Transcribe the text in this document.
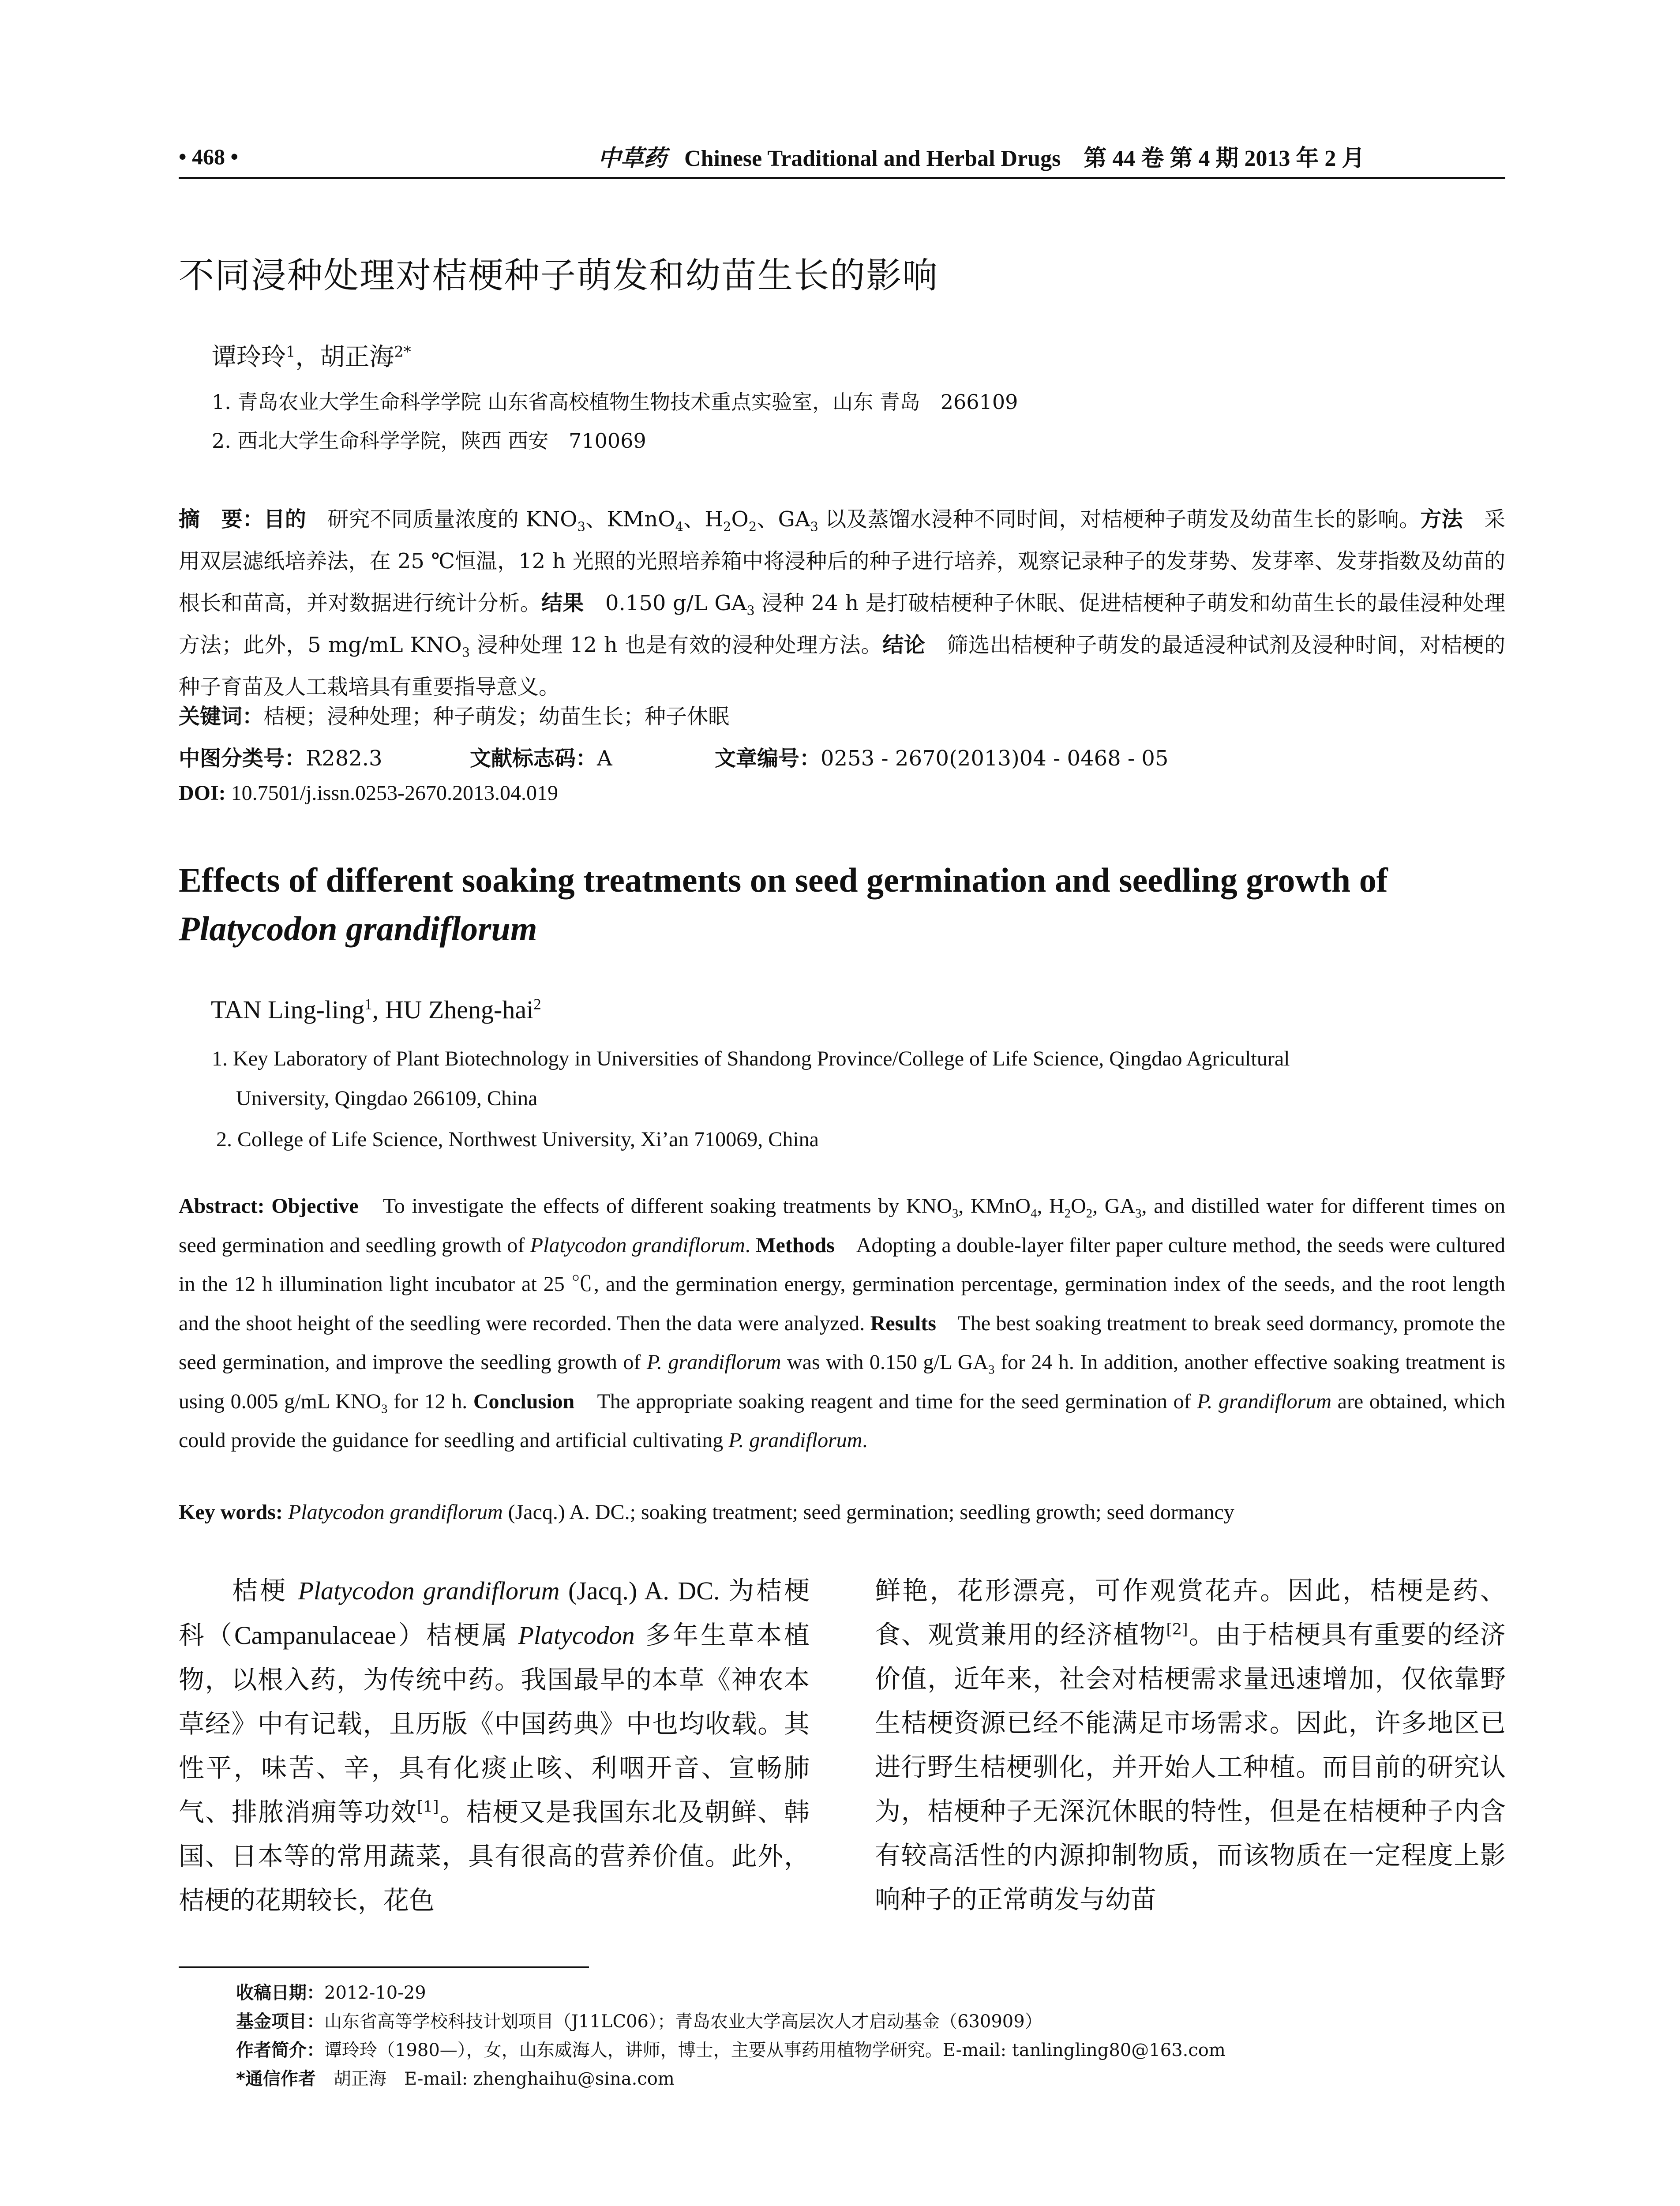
• 468 •	中草药 Chinese Traditional and Herbal Drugs 第 44 卷 第 4 期 2013 年 2 月
不同浸种处理对桔梗种子萌发和幼苗生长的影响
谭玲玲$^1$，胡正海$^{2*}$
1. 青岛农业大学生命科学学院 山东省高校植物生物技术重点实验室，山东 青岛　266109
2. 西北大学生命科学学院，陕西 西安　710069
摘　要：目的　研究不同质量浓度的 $KNO_3$、KMnO$_4$、$H_2O_2$、$GA_3$ 以及蒸馏水浸种不同时间，对桔梗种子萌发及幼苗生长的影响。方法　采用双层滤纸培养法，在 25 ℃恒温，12 h 光照的光照培养箱中将浸种后的种子进行培养，观察记录种子的发芽势、发芽率、发芽指数及幼苗的根长和苗高，并对数据进行统计分析。结果　0.150 g/L $GA_3$ 浸种 24 h 是打破桔梗种子休眠、促进桔梗种子萌发和幼苗生长的最佳浸种处理方法；此外，5 mg/mL $KNO_3$ 浸种处理 12 h 也是有效的浸种处理方法。结论　筛选出桔梗种子萌发的最适浸种试剂及浸种时间，对桔梗的种子育苗及人工栽培具有重要指导意义。
关键词：桔梗；浸种处理；种子萌发；幼苗生长；种子休眠
中图分类号：R282.3	文献标志码：A	文章编号：0253 - 2670(2013)04 - 0468 - 05
DOI: 10.7501/j.issn.0253-2670.2013.04.019
Effects of different soaking treatments on seed germination and seedling growth of Platycodon grandiflorum
TAN Ling-ling$^1$, HU Zheng-hai$^2$
1. Key Laboratory of Plant Biotechnology in Universities of Shandong Province/College of Life Science, Qingdao Agricultural
University, Qingdao 266109, China
2. College of Life Science, Northwest University, Xi’an 710069, China
Abstract: Objective　To investigate the effects of different soaking treatments by $KNO_3$, KMnO$_4$, $H_2O_2$, $GA_3$, and distilled water for different times on seed germination and seedling growth of Platycodon grandiflorum. Methods　Adopting a double-layer filter paper culture method, the seeds were cultured in the 12 h illumination light incubator at 25 ℃, and the germination energy, germination percentage, germination index of the seeds, and the root length and the shoot height of the seedling were recorded. Then the data were analyzed. Results　The best soaking treatment to break seed dormancy, promote the seed germination, and improve the seedling growth of P. grandiflorum was with 0.150 g/L $GA_3$ for 24 h. In addition, another effective soaking treatment is using 0.005 g/mL $KNO_3$ for 12 h. Conclusion　The appropriate soaking reagent and time for the seed germination of P. grandiflorum are obtained, which could provide the guidance for seedling and artificial cultivating P. grandiflorum.
Key words: Platycodon grandiflorum (Jacq.) A. DC.; soaking treatment; seed germination; seedling growth; seed dormancy
桔梗 Platycodon grandiflorum (Jacq.) A. DC. 为桔梗科（Campanulaceae）桔梗属 Platycodon 多年生草本植物，以根入药，为传统中药。我国最早的本草《神农本草经》中有记载，且历版《中国药典》中也均收载。其性平，味苦、辛，具有化痰止咳、利咽开音、宣畅肺气、排脓消痈等功效[1]。桔梗又是我国东北及朝鲜、韩国、日本等的常用蔬菜，具有很高的营养价值。此外，桔梗的花期较长，花色
鲜艳，花形漂亮，可作观赏花卉。因此，桔梗是药、食、观赏兼用的经济植物[2]。由于桔梗具有重要的经济价值，近年来，社会对桔梗需求量迅速增加，仅依靠野生桔梗资源已经不能满足市场需求。因此，许多地区已进行野生桔梗驯化，并开始人工种植。而目前的研究认为，桔梗种子无深沉休眠的特性，但是在桔梗种子内含有较高活性的内源抑制物质，而该物质在一定程度上影响种子的正常萌发与幼苗
收稿日期：2012-10-29
基金项目：山东省高等学校科技计划项目（J11LC06）；青岛农业大学高层次人才启动基金（630909）
作者简介：谭玲玲（1980—），女，山东威海人，讲师，博士，主要从事药用植物学研究。E-mail: tanlingling80@163.com
*通信作者　胡正海　E-mail: zhenghaihu@sina.com
